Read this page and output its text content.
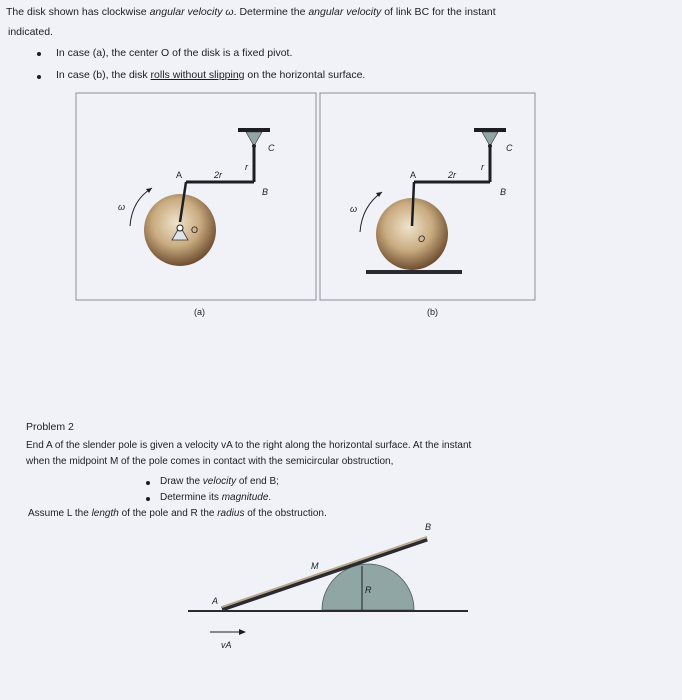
The disk shown has clockwise angular velocity ω. Determine the angular velocity of link BC for the instant
indicated.
In case (a), the center O of the disk is a fixed pivot.
In case (b), the disk rolls without slipping on the horizontal surface.
A	2r
r
B
C
O
ω
(a)
A	2r
r
B
C
O
ω
(b)
A
B
M
R
vA
Problem 2
End A of the slender pole is given a velocity vA to the right along the horizontal surface. At the instant
when the midpoint M of the pole comes in contact with the semicircular obstruction,
Draw the velocity of end B;
Determine its magnitude.
Assume L the length of the pole and R the radius of the obstruction.
